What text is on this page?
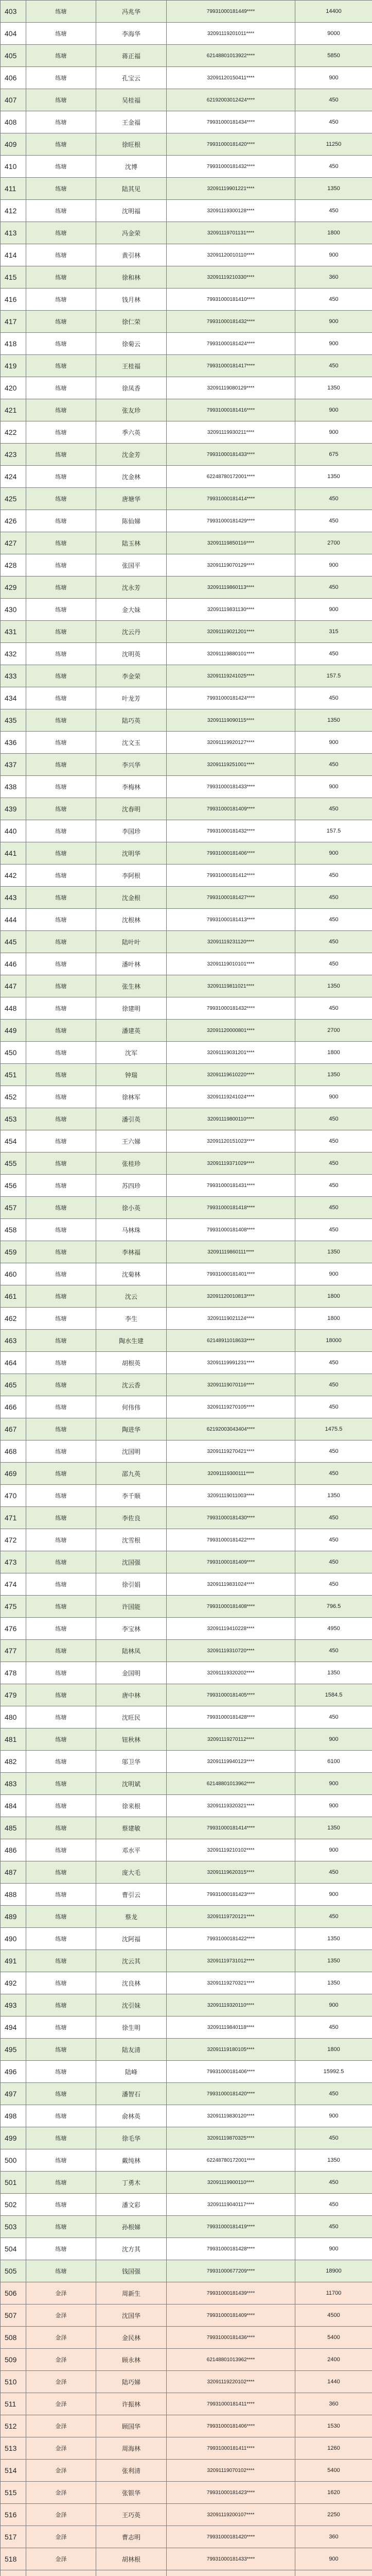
403	练塘	冯兆华	79931000181449****	14400
404	练塘	李海华	32091119201011****	9000
405	练塘	蒋正福	62148801013922****	5850
406	练塘	孔宝云	32091120150411****	900
407	练塘	吴桂福	62192003012424****	450
408	练塘	王金福	79931000181434****	450
409	练塘	徐旺根	79931000181420****	11250
410	练塘	沈博	79931000181432****	450
411	练塘	陆其见	32091119901221****	1350
412	练塘	沈明福	32091119300128****	450
413	练塘	冯金荣	32091119701131****	1800
414	练塘	黄引林	32091120010110****	900
415	练塘	徐和林	32091119210330****	360
416	练塘	钱月林	79931000181410****	450
417	练塘	徐仁荣	79931000181432****	900
418	练塘	徐菊云	79931000181424****	900
419	练塘	王桂福	79931000181417****	450
420	练塘	徐凤香	32091119080129****	1350
421	练塘	张友珍	79931000181416****	900
422	练塘	季六英	32091119930211****	900
423	练塘	沈金芳	79931000181433****	675
424	练塘	沈金林	62248780172001****	1350
425	练塘	唐塘华	79931000181414****	450
426	练塘	陈仙娣	79931000181429****	450
427	练塘	陆玉林	32091119850116****	2700
428	练塘	张国平	32091119070129****	900
429	练塘	沈永芳	32091119860113****	450
430	练塘	金大妹	32091119831130****	900
431	练塘	沈云丹	32091119021201****	315
432	练塘	沈明英	32091119880101****	450
433	练塘	李金荣	32091119241025****	157.5
434	练塘	叶龙芳	79931000181424****	450
435	练塘	陆巧英	32091119090115****	1350
436	练塘	沈文玉	32091119920127****	900
437	练塘	李兴华	32091119251001****	450
438	练塘	李梅林	79931000181433****	900
439	练塘	沈春明	79931000181409****	450
440	练塘	李国珍	79931000181432****	157.5
441	练塘	沈明华	79931000181406****	900
442	练塘	李阿根	79931000181412****	450
443	练塘	沈金根	79931000181427****	450
444	练塘	沈根林	79931000181413****	450
445	练塘	陆叶叶	32091119231120****	450
446	练塘	潘叶林	32091119010101****	450
447	练塘	张生林	32091119811021****	1350
448	练塘	徐建明	79931000181432****	450
449	练塘	潘建英	32091120000801****	2700
450	练塘	沈军	32091119031201****	1800
451	练塘	钟瑞	32091119610220****	1350
452	练塘	徐林军	32091119241024****	900
453	练塘	潘引英	32091119800110****	450
454	练塘	王六娣	32091120151023****	450
455	练塘	张桂珍	32091119371029****	450
456	练塘	苏四珍	79931000181431****	450
457	练塘	徐小英	79931000181418****	450
458	练塘	马林珠	79931000181408****	450
459	练塘	李林福	32091119860111****	1350
460	练塘	沈菊林	79931000181401****	900
461	练塘	沈云	32091120010813****	1800
462	练塘	李生	32091119021124****	1800
463	练塘	陶水生建	62148911018633****	18000
464	练塘	胡根英	32091119991231****	450
465	练塘	沈云香	32091119070116****	450
466	练塘	何伟伟	32091119270105****	450
467	练塘	陶进华	62192003043404****	1475.5
468	练塘	沈国明	32091119270421****	450
469	练塘	邵九英	32091119300111****	450
470	练塘	李千顺	32091119011003****	1350
471	练塘	李佐良	79931000181430****	450
472	练塘	沈雪根	79931000181422****	450
473	练塘	沈国强	79931000181409****	450
474	练塘	徐引娟	32091119831024****	450
475	练塘	许国能	79931000181408****	796.5
476	练塘	李宝林	32091119410228****	4950
477	练塘	陆林凤	32091119310720****	450
478	练塘	金国明	32091119320202****	1350
479	练塘	唐中林	79931000181405****	1584.5
480	练塘	沈旺民	79931000181428****	450
481	练塘	钮秋林	32091119270112****	900
482	练塘	邬卫华	32091119940123****	6100
483	练塘	沈明斌	62148801013962****	900
484	练塘	徐来根	32091119320321****	900
485	练塘	蔡建敏	79931000181414****	1350
486	练塘	邓水平	32091119210102****	900
487	练塘	庞大毛	32091119620315****	450
488	练塘	曹引云	79931000181423****	900
489	练塘	蔡龙	32091119720121****	450
490	练塘	沈阿福	79931000181422****	1350
491	练塘	沈云其	32091119731012****	1350
492	练塘	沈良林	32091119270321****	1350
493	练塘	沈引妹	32091119320110****	900
494	练塘	徐生明	32091119840118****	450
495	练塘	陆友清	32091119180105****	1800
496	练塘	陆峰	79931000181406****	15992.5
497	练塘	潘智石	79931000181420****	450
498	练塘	俞林英	32091119830120****	900
499	练塘	徐毛华	32091119870325****	450
500	练塘	戴纯林	62248780172001****	1350
501	练塘	丁勇木	32091119900110****	450
502	练塘	潘文彩	32091119040117****	450
503	练塘	孙根娣	79931000181419****	450
504	练塘	沈方其	79931000181428****	900
505	练塘	钱国强	79931000677209****	18900
506	金泽	周新生	79931000181439****	11700
507	金泽	沈国华	79931000181409****	4500
508	金泽	金民林	79931000181436****	5400
509	金泽	顾永林	62148801013962****	2400
510	金泽	陆巧娣	32091119220102****	1440
511	金泽	许振林	79931000181411****	360
512	金泽	顾国华	79931000181406****	1530
513	金泽	周海林	79931000181411****	1260
514	金泽	张利清	32091119070102****	5400
515	金泽	张银华	79931000181423****	1620
516	金泽	王巧英	32091119200107****	2250
517	金泽	曹志明	79931000181420****	360
518	金泽	胡林根	79931000181433****	900
